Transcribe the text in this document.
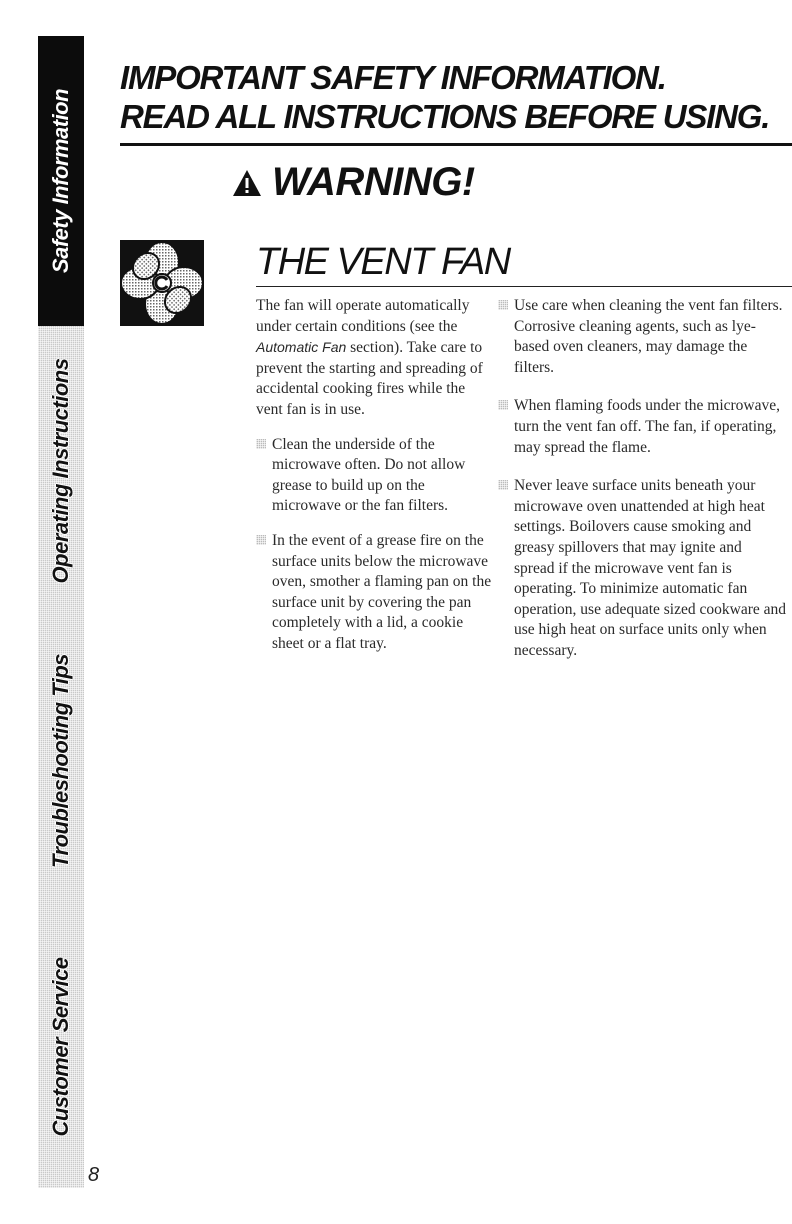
Safety Information
Operating Instructions
Troubleshooting Tips
Customer Service
8
IMPORTANT SAFETY INFORMATION.
READ ALL INSTRUCTIONS BEFORE USING.
WARNING!
THE VENT FAN

The fan will operate automatically under certain conditions (see the Automatic Fan section). Take care to prevent the starting and spreading of accidental cooking fires while the vent fan is in use.

Clean the underside of the microwave often. Do not allow grease to build up on the microwave or the fan filters.

In the event of a grease fire on the surface units below the microwave oven, smother a flaming pan on the surface unit by covering the pan completely with a lid, a cookie sheet or a flat tray.

Use care when cleaning the vent fan filters. Corrosive cleaning agents, such as lye-based oven cleaners, may damage the filters.

When flaming foods under the microwave, turn the vent fan off. The fan, if operating, may spread the flame.

Never leave surface units beneath your microwave oven unattended at high heat settings. Boilovers cause smoking and greasy spillovers that may ignite and spread if the microwave vent fan is operating. To minimize automatic fan operation, use adequate sized cookware and use high heat on surface units only when necessary.
